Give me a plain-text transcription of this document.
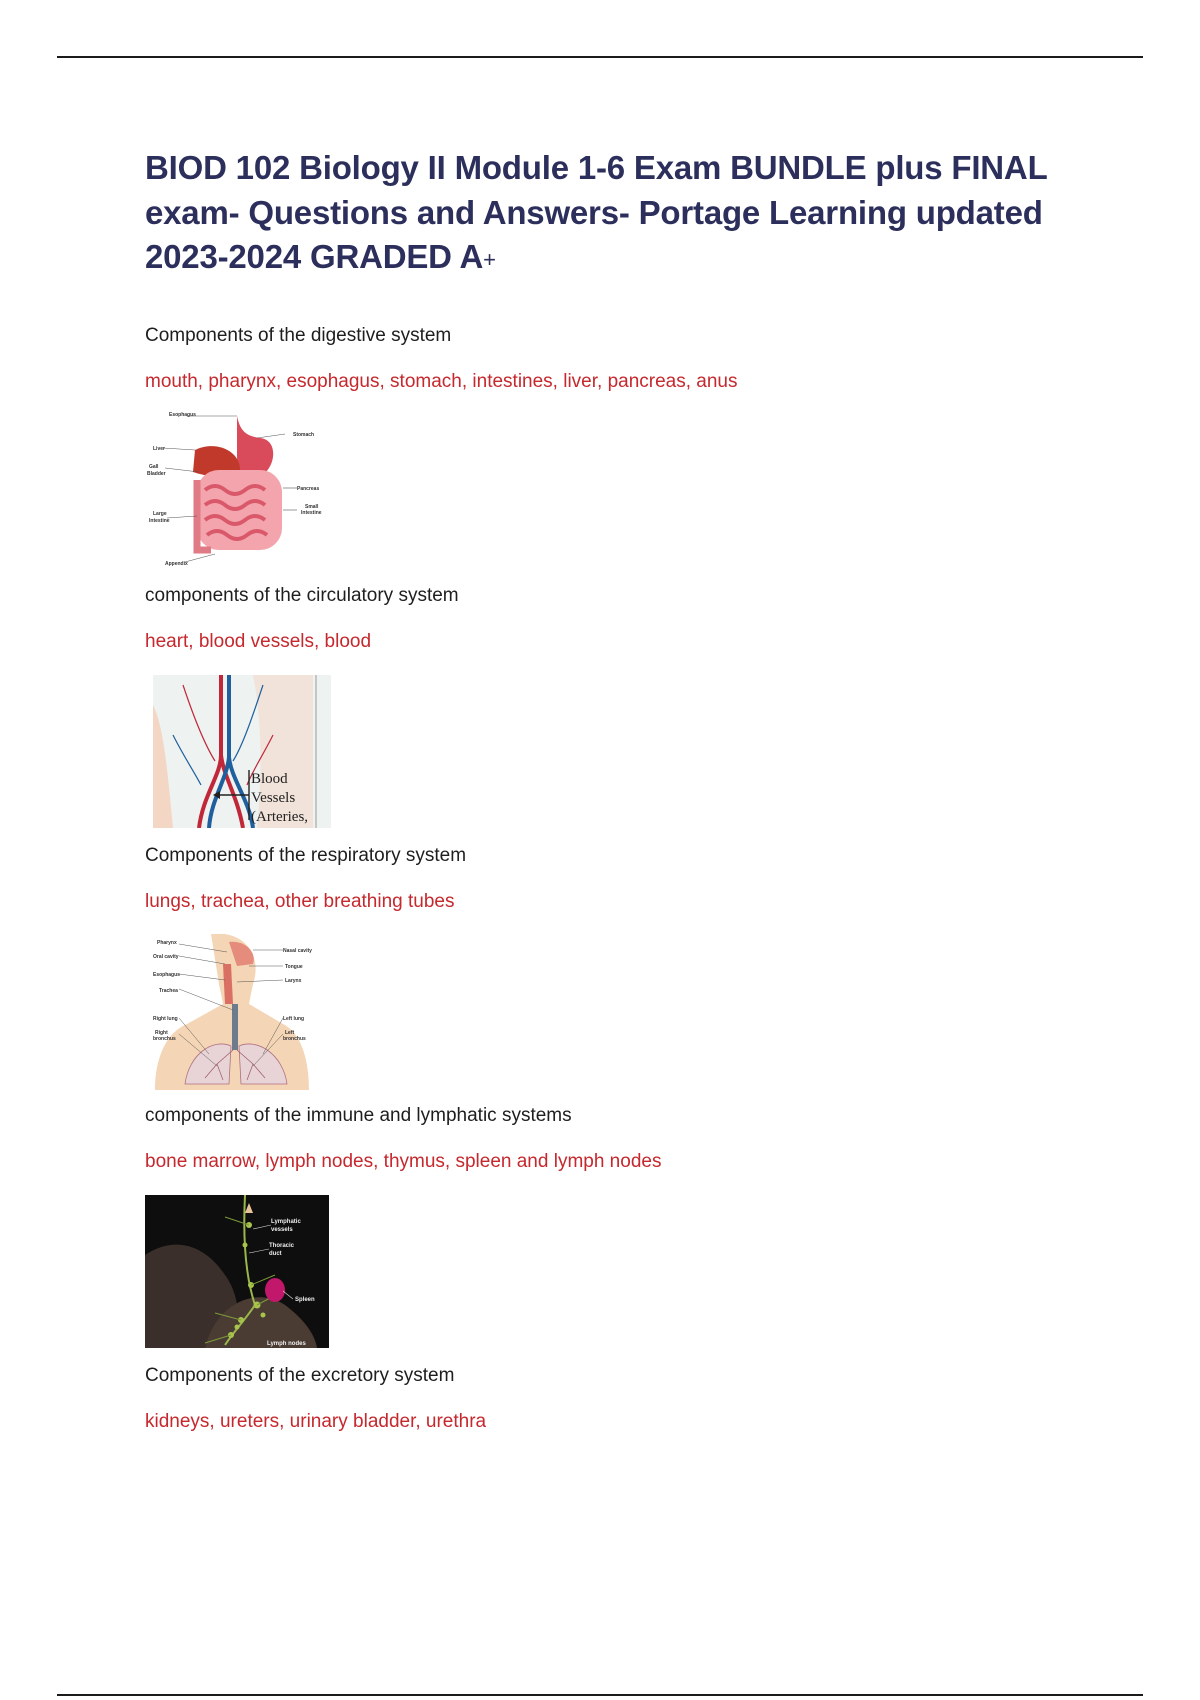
BIOD 102 Biology II Module 1-6 Exam BUNDLE plus FINAL exam- Questions and Answers- Portage Learning updated 2023-2024 GRADED A+
Components of the digestive system
mouth, pharynx, esophagus, stomach, intestines, liver, pancreas, anus
Esophagus
Stomach
Liver
Gall
Bladder
Pancreas
Small
Intestine
Large
Intestine
Appendix
components of the circulatory system
heart, blood vessels, blood
Blood
Vessels
(Arteries,
Components of the respiratory system
lungs, trachea, other breathing tubes
Pharynx
Oral cavity
Esophagus
Trachea
Right lung
Right
bronchus
Nasal cavity
Tongue
Larynx
Left lung
Left
bronchus
components of the immune and lymphatic systems
bone marrow, lymph nodes, thymus, spleen and lymph nodes
Lymphatic
vessels
Thoracic
duct
Spleen
Lymph nodes
Components of the excretory system
kidneys, ureters, urinary bladder, urethra
